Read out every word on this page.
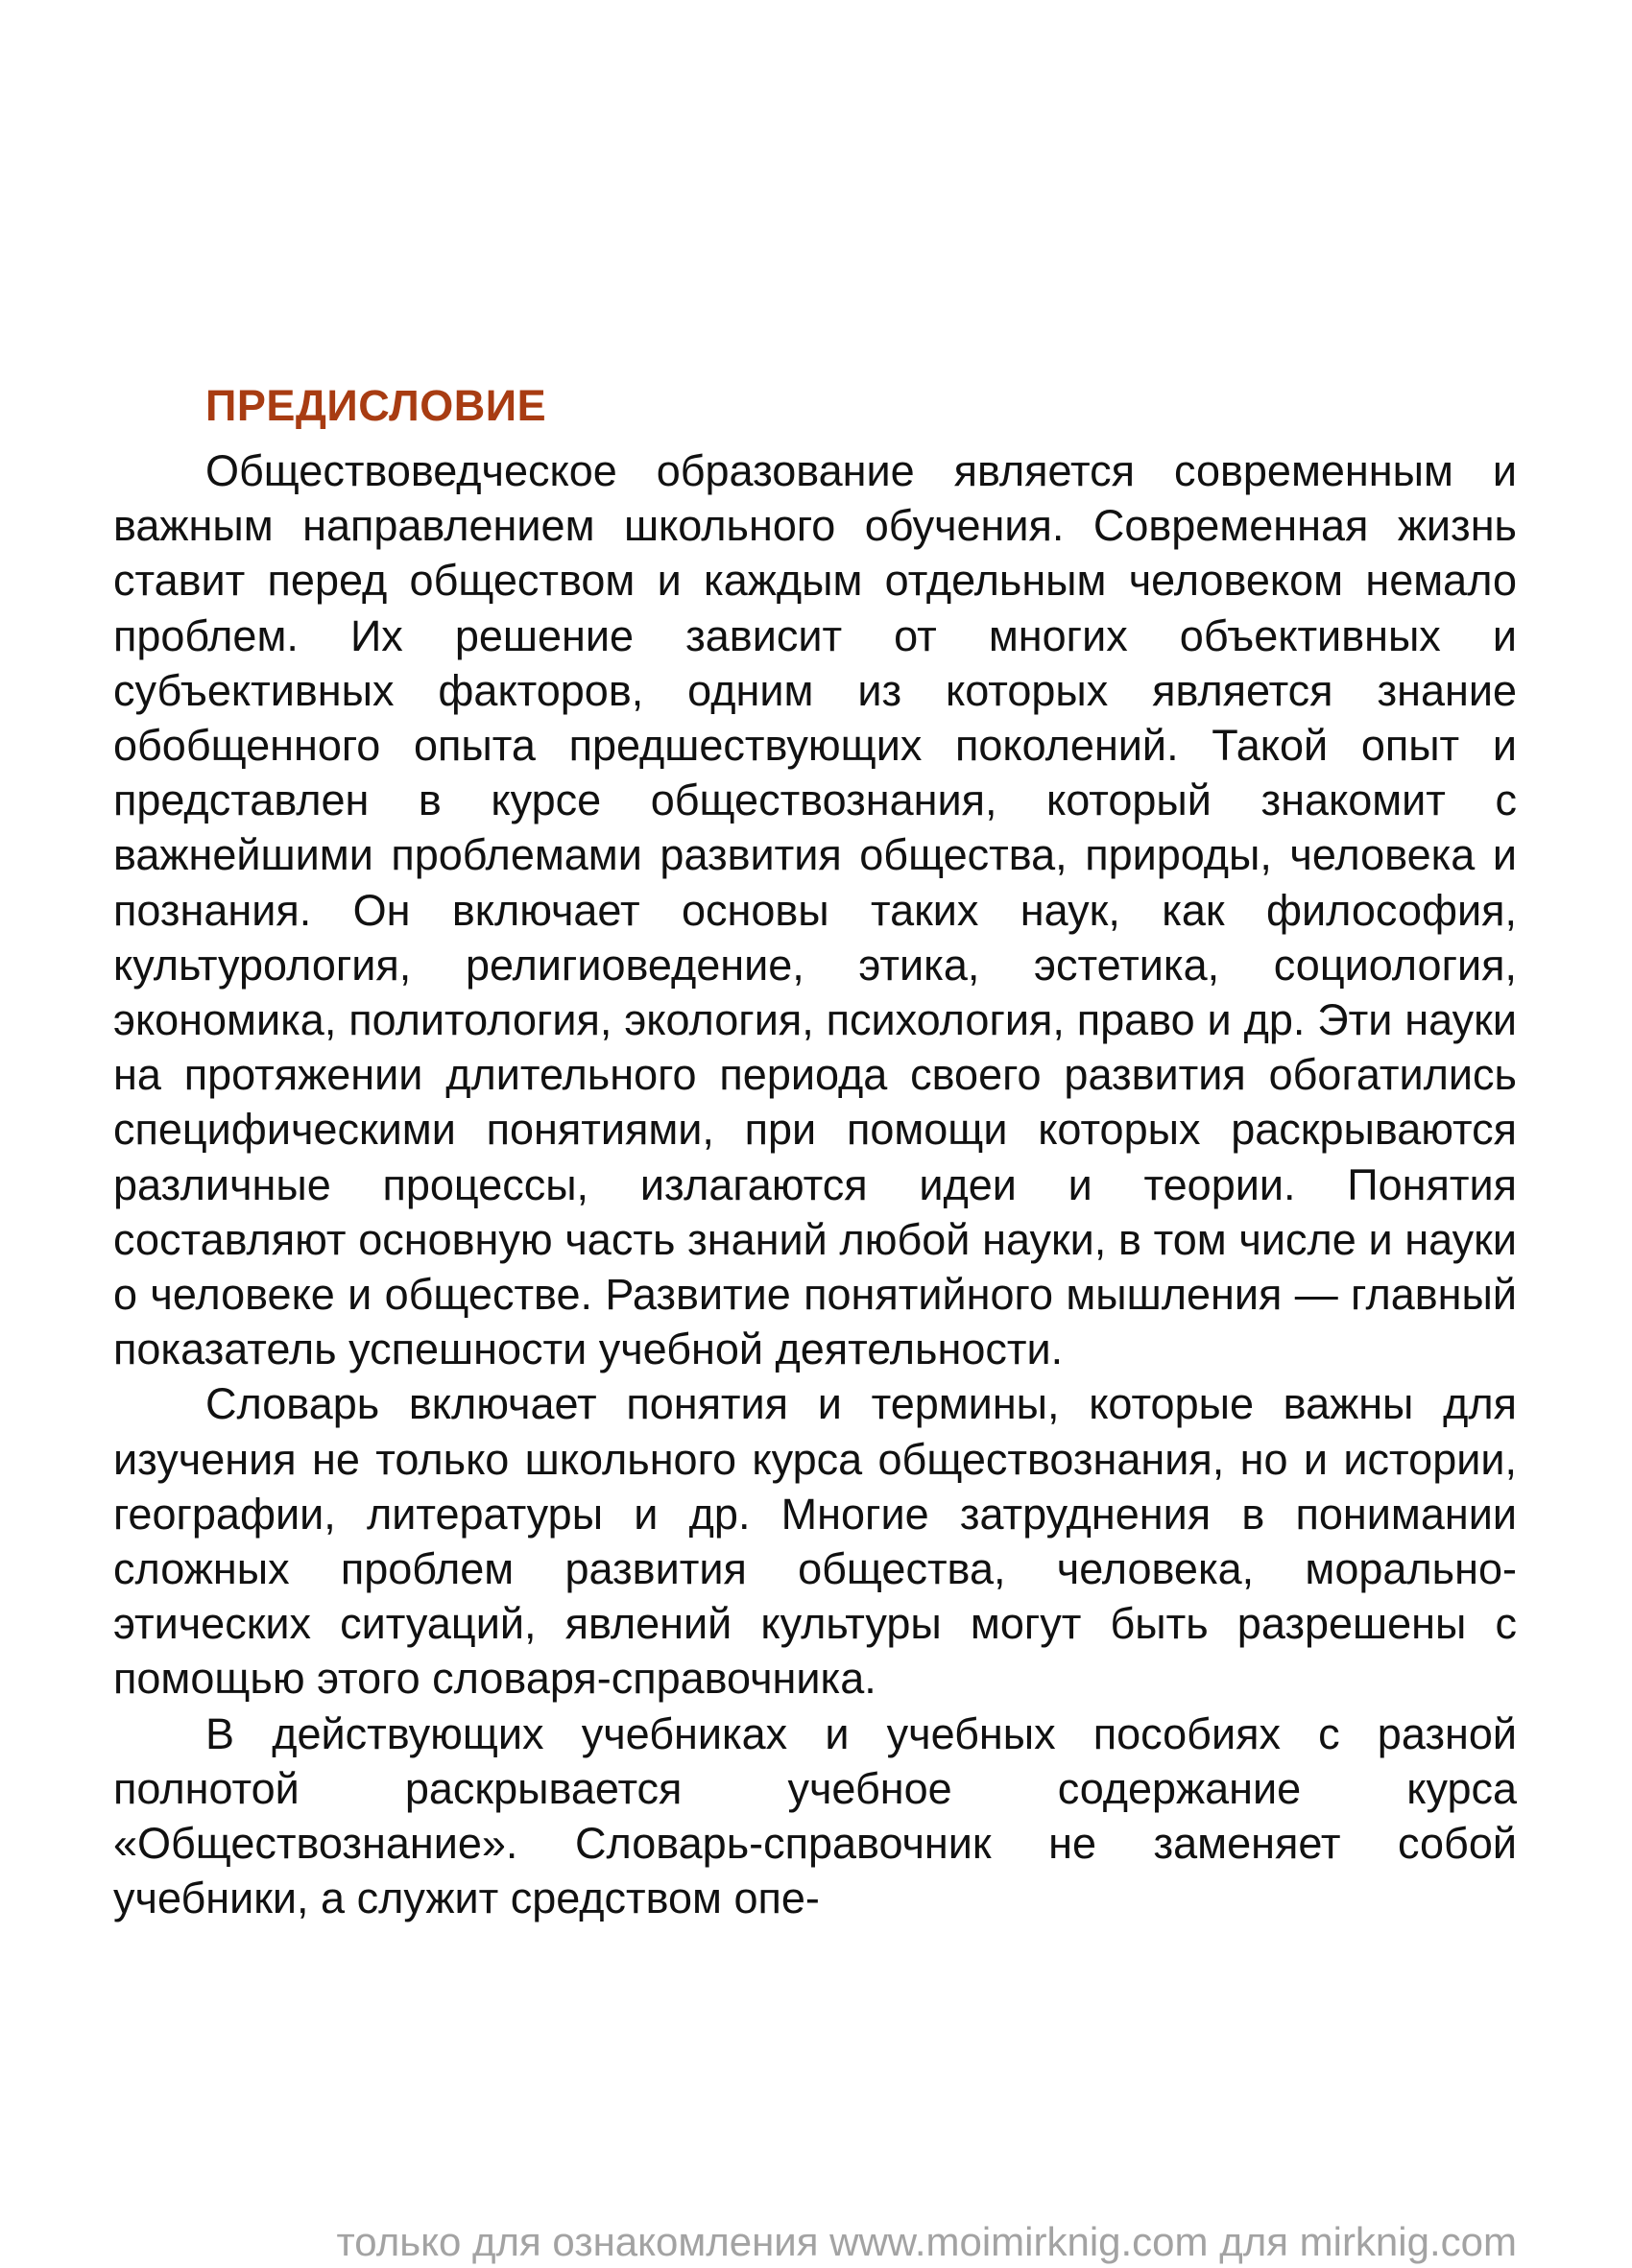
ПРЕДИСЛОВИЕ

Обществоведческое образование является современным и важным направлением школьного обучения. Современная жизнь ставит перед обществом и каждым отдельным человеком немало проблем. Их решение зависит от многих объективных и субъективных факторов, одним из которых является знание обобщенного опыта предшествующих поколений. Такой опыт и представлен в курсе обществознания, который знакомит с важнейшими проблемами развития общества, природы, человека и познания. Он включает основы таких наук, как философия, культурология, религиоведение, этика, эстетика, социология, экономика, политология, экология, психология, право и др. Эти науки на протяжении длительного периода своего развития обогатились специфическими понятиями, при помощи которых раскрываются различные процессы, излагаются идеи и теории. Понятия составляют основную часть знаний любой науки, в том числе и науки о человеке и обществе. Развитие понятийного мышления — главный показатель успешности учебной деятельности.

Словарь включает понятия и термины, которые важны для изучения не только школьного курса обществознания, но и истории, географии, литературы и др. Многие затруднения в понимании сложных проблем развития общества, человека, морально-этических ситуаций, явлений культуры могут быть разрешены с помощью этого словаря-справочника.

В действующих учебниках и учебных пособиях с разной полнотой раскрывается учебное содержание курса «Обществознание». Словарь-справочник не заменяет собой учебники, а служит средством опе-

только для ознакомления www.moimirknig.com для mirknig.com
